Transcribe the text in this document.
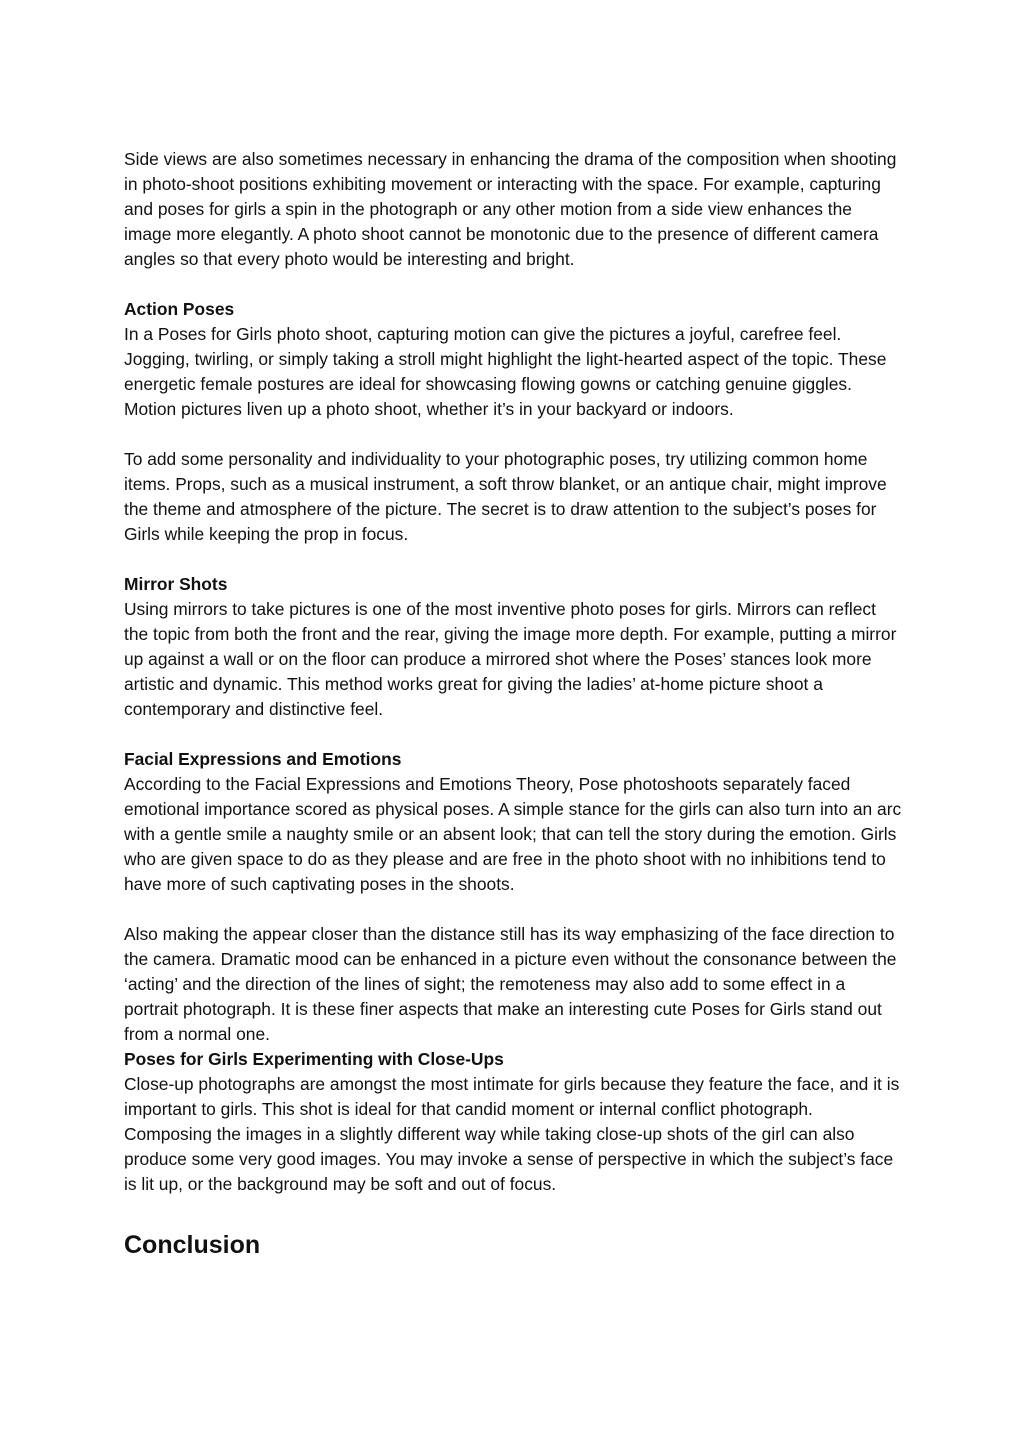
Side views are also sometimes necessary in enhancing the drama of the composition when shooting in photo-shoot positions exhibiting movement or interacting with the space. For example, capturing and poses for girls a spin in the photograph or any other motion from a side view enhances the image more elegantly. A photo shoot cannot be monotonic due to the presence of different camera angles so that every photo would be interesting and bright.

Action Poses

In a Poses for Girls photo shoot, capturing motion can give the pictures a joyful, carefree feel. Jogging, twirling, or simply taking a stroll might highlight the light-hearted aspect of the topic. These energetic female postures are ideal for showcasing flowing gowns or catching genuine giggles. Motion pictures liven up a photo shoot, whether it’s in your backyard or indoors.

To add some personality and individuality to your photographic poses, try utilizing common home items. Props, such as a musical instrument, a soft throw blanket, or an antique chair, might improve the theme and atmosphere of the picture. The secret is to draw attention to the subject’s poses for Girls while keeping the prop in focus.

Mirror Shots

Using mirrors to take pictures is one of the most inventive photo poses for girls. Mirrors can reflect the topic from both the front and the rear, giving the image more depth. For example, putting a mirror up against a wall or on the floor can produce a mirrored shot where the Poses’ stances look more artistic and dynamic. This method works great for giving the ladies’ at-home picture shoot a contemporary and distinctive feel.

Facial Expressions and Emotions

According to the Facial Expressions and Emotions Theory, Pose photoshoots separately faced emotional importance scored as physical poses. A simple stance for the girls can also turn into an arc with a gentle smile a naughty smile or an absent look; that can tell the story during the emotion. Girls who are given space to do as they please and are free in the photo shoot with no inhibitions tend to have more of such captivating poses in the shoots.

Also making the appear closer than the distance still has its way emphasizing of the face direction to the camera. Dramatic mood can be enhanced in a picture even without the consonance between the ‘acting’ and the direction of the lines of sight; the remoteness may also add to some effect in a portrait photograph. It is these finer aspects that make an interesting cute Poses for Girls stand out from a normal one.

Poses for Girls Experimenting with Close-Ups

Close-up photographs are amongst the most intimate for girls because they feature the face, and it is important to girls. This shot is ideal for that candid moment or internal conflict photograph. Composing the images in a slightly different way while taking close-up shots of the girl can also produce some very good images. You may invoke a sense of perspective in which the subject’s face is lit up, or the background may be soft and out of focus.

Conclusion
